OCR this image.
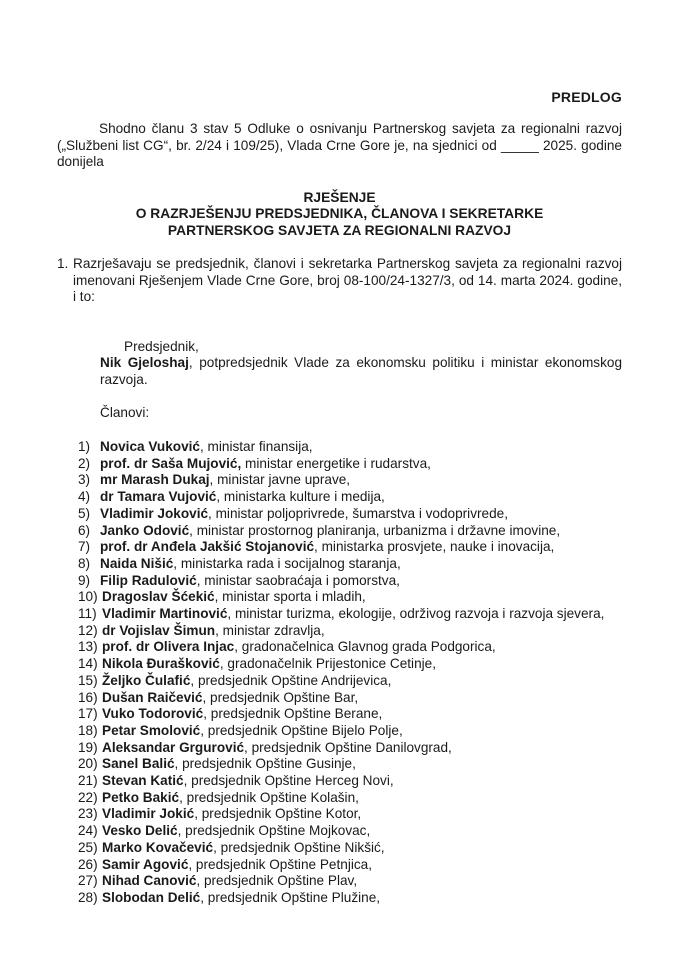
PREDLOG
Shodno članu 3 stav 5 Odluke o osnivanju Partnerskog savjeta za regionalni razvoj („Službeni list CG“, br. 2/24 i 109/25), Vlada Crne Gore je, na sjednici od _____ 2025. godine donijela
RJEŠENJE
O RAZRJEŠENJU PREDSJEDNIKA, ČLANOVA I SEKRETARKE
PARTNERSKOG SAVJETA ZA REGIONALNI RAZVOJ
1. Razrješavaju se predsjednik, članovi i sekretarka Partnerskog savjeta za regionalni razvoj imenovani Rješenjem Vlade Crne Gore, broj 08-100/24-1327/3, od 14. marta 2024. godine, i to:
Predsjednik,
Nik Gjeloshaj, potpredsjednik Vlade za ekonomsku politiku i ministar ekonomskog razvoja.
Članovi:
1) Novica Vuković, ministar finansija,
2) prof. dr Saša Mujović, ministar energetike i rudarstva,
3) mr Marash Dukaj, ministar javne uprave,
4) dr Tamara Vujović, ministarka kulture i medija,
5) Vladimir Joković, ministar poljoprivrede, šumarstva i vodoprivrede,
6) Janko Odović, ministar prostornog planiranja, urbanizma i državne imovine,
7) prof. dr Anđela Jakšić Stojanović, ministarka prosvjete, nauke i inovacija,
8) Naida Nišić, ministarka rada i socijalnog staranja,
9) Filip Radulović, ministar saobraćaja i pomorstva,
10) Dragoslav Šćekić, ministar sporta i mladih,
11) Vladimir Martinović, ministar turizma, ekologije, održivog razvoja i razvoja sjevera,
12) dr Vojislav Šimun, ministar zdravlja,
13) prof. dr Olivera Injac, gradonačelnica Glavnog grada Podgorica,
14) Nikola Đurašković, gradonačelnik Prijestonice Cetinje,
15) Željko Čulafić, predsjednik Opštine Andrijevica,
16) Dušan Raičević, predsjednik Opštine Bar,
17) Vuko Todorović, predsjednik Opštine Berane,
18) Petar Smolović, predsjednik Opštine Bijelo Polje,
19) Aleksandar Grgurović, predsjednik Opštine Danilovgrad,
20) Sanel Balić, predsjednik Opštine Gusinje,
21) Stevan Katić, predsjednik Opštine Herceg Novi,
22) Petko Bakić, predsjednik Opštine Kolašin,
23) Vladimir Jokić, predsjednik Opštine Kotor,
24) Vesko Delić, predsjednik Opštine Mojkovac,
25) Marko Kovačević, predsjednik Opštine Nikšić,
26) Samir Agović, predsjednik Opštine Petnjica,
27) Nihad Canović, predsjednik Opštine Plav,
28) Slobodan Delić, predsjednik Opštine Plužine,
